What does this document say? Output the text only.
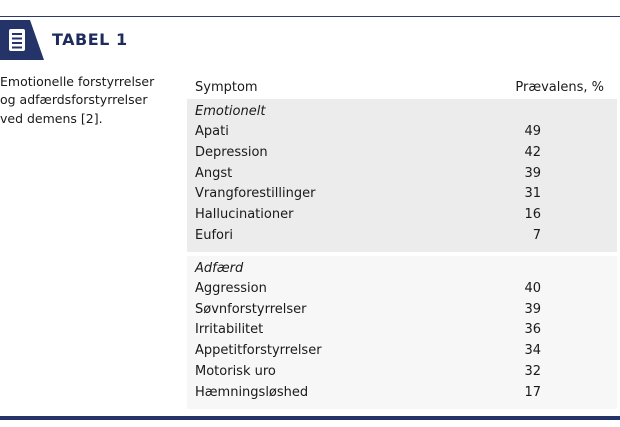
TABEL 1
Emotionelle forstyrrelser og adfærdsforstyrrelser ved demens [2].
Symptom	Prævalens, %
Emotionelt
Apati	49
Depression	42
Angst	39
Vrangforestillinger	31
Hallucinationer	16
Eufori	7
Adfærd
Aggression	40
Søvnforstyrrelser	39
Irritabilitet	36
Appetitforstyrrelser	34
Motorisk uro	32
Hæmningsløshed	17
